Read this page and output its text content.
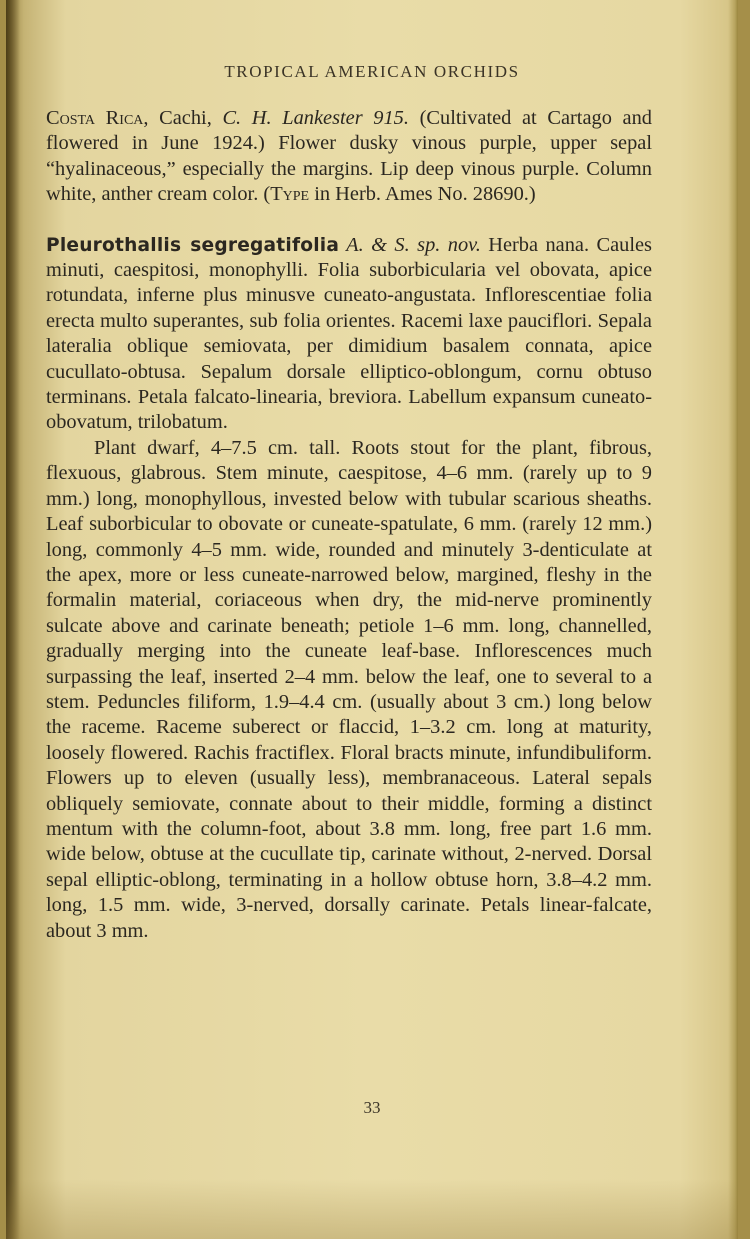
TROPICAL AMERICAN ORCHIDS

Costa Rica, Cachi, C. H. Lankester 915. (Cultivated at Cartago and flowered in June 1924.) Flower dusky vinous purple, upper sepal “hyalinaceous,” especially the margins. Lip deep vinous purple. Column white, anther cream color. (Type in Herb. Ames No. 28690.)

Pleurothallis segregatifolia A. & S. sp. nov. Herba nana. Caules minuti, caespitosi, monophylli. Folia suborbicularia vel obovata, apice rotundata, inferne plus minusve cuneato-angustata. Inflorescentiae folia erecta multo superantes, sub folia orientes. Racemi laxe pauciflori. Sepala lateralia oblique semiovata, per dimidium basalem connata, apice cucullato-obtusa. Sepalum dorsale elliptico-oblongum, cornu obtuso terminans. Petala falcato-linearia, breviora. Labellum expansum cuneato-obovatum, trilobatum.

Plant dwarf, 4–7.5 cm. tall. Roots stout for the plant, fibrous, flexuous, glabrous. Stem minute, caespitose, 4–6 mm. (rarely up to 9 mm.) long, monophyllous, invested below with tubular scarious sheaths. Leaf suborbicular to obovate or cuneate-spatulate, 6 mm. (rarely 12 mm.) long, commonly 4–5 mm. wide, rounded and minutely 3-denticulate at the apex, more or less cuneate-narrowed below, margined, fleshy in the formalin material, coriaceous when dry, the mid-nerve prominently sulcate above and carinate beneath; petiole 1–6 mm. long, channelled, gradually merging into the cuneate leaf-base. Inflorescences much surpassing the leaf, inserted 2–4 mm. below the leaf, one to several to a stem. Peduncles filiform, 1.9–4.4 cm. (usually about 3 cm.) long below the raceme. Raceme suberect or flaccid, 1–3.2 cm. long at maturity, loosely flowered. Rachis fractiflex. Floral bracts minute, infundibuliform. Flowers up to eleven (usually less), membranaceous. Lateral sepals obliquely semiovate, connate about to their middle, forming a distinct mentum with the column-foot, about 3.8 mm. long, free part 1.6 mm. wide below, obtuse at the cucullate tip, carinate without, 2-nerved. Dorsal sepal elliptic-oblong, terminating in a hollow obtuse horn, 3.8–4.2 mm. long, 1.5 mm. wide, 3-nerved, dorsally carinate. Petals linear-falcate, about 3 mm.

33
